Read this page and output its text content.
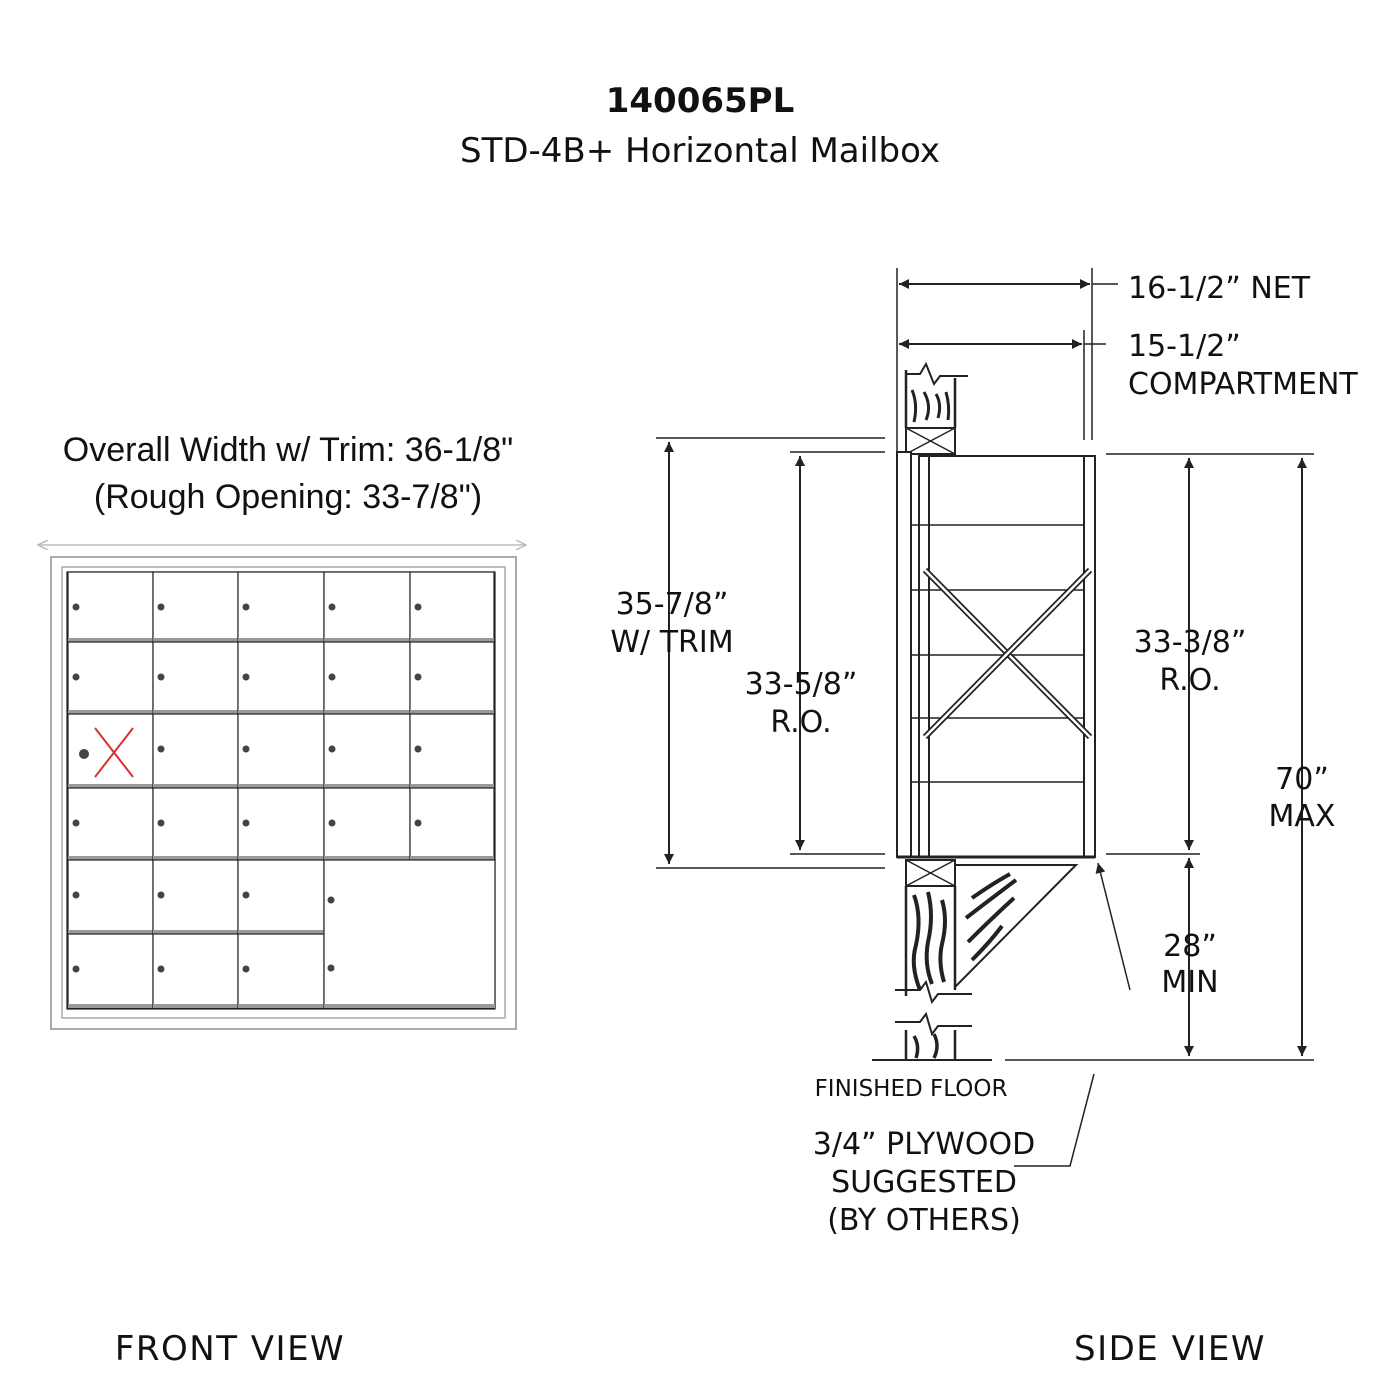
140065PL
STD-4B+ Horizontal Mailbox
Overall Width w/ Trim: 36-1/8"
(Rough Opening: 33-7/8")
FRONT VIEW
16-1/2” NET
15-1/2”
COMPARTMENT
35-7/8”
W/ TRIM
33-5/8”
R.O.
33-3/8”
R.O.
70”
MAX
28”
MIN
FINISHED FLOOR
3/4” PLYWOOD
SUGGESTED
(BY OTHERS)
SIDE VIEW
